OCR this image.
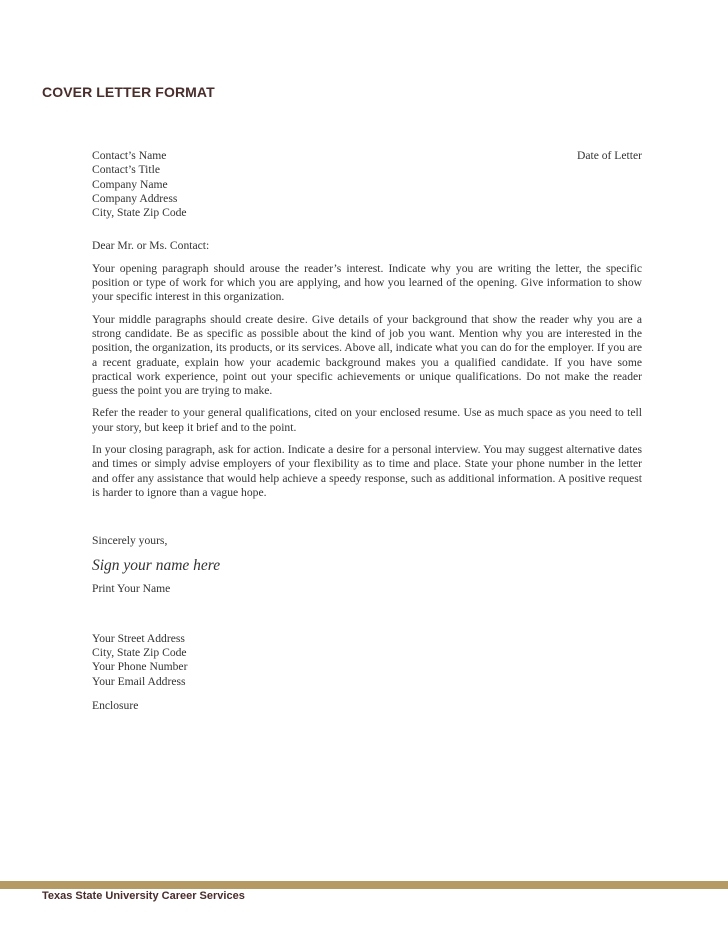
COVER LETTER FORMAT
Date of Letter
Contact’s Name
Contact’s Title
Company Name
Company Address
City, State Zip Code
Dear Mr. or Ms. Contact:

Your opening paragraph should arouse the reader’s interest. Indicate why you are writing the letter, the specific position or type of work for which you are applying, and how you learned of the opening. Give information to show your specific interest in this organization.

Your middle paragraphs should create desire. Give details of your background that show the reader why you are a strong candidate. Be as specific as possible about the kind of job you want. Mention why you are interested in the position, the organization, its products, or its services. Above all, indicate what you can do for the employer. If you are a recent graduate, explain how your academic background makes you a qualified candidate. If you have some practical work experience, point out your specific achievements or unique qualifications. Do not make the reader guess the point you are trying to make.

Refer the reader to your general qualifications, cited on your enclosed resume. Use as much space as you need to tell your story, but keep it brief and to the point.

In your closing paragraph, ask for action. Indicate a desire for a personal interview. You may suggest alternative dates and times or simply advise employers of your flexibility as to time and place. State your phone number in the letter and offer any assistance that would help achieve a speedy response, such as additional information. A positive request is harder to ignore than a vague hope.

Sincerely yours,
Sign your name here
Print Your Name
Your Street Address
City, State Zip Code
Your Phone Number
Your Email Address
Enclosure
Texas State University Career Services
